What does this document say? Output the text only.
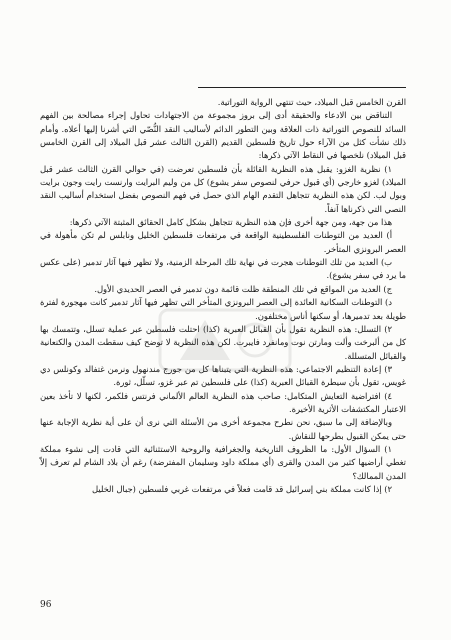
القرن الخامس قبل الميلاد، حيث تنتهي الرواية التوراتية.

التناقض بين الادعاء والحقيقة أدى إلى بروز مجموعة من الاجتهادات تحاول إجراء مصالحة بين الفهم السائد للنصوص التوراتية ذات العلاقة وبين التطور الدائم لأساليب النقد النُّصّي التي أشرنا إليها أعلاه. وأمام ذلك نشأت كثل من الآراء حول تاريخ فلسطين القديم (القرن الثالث عشر قبل الميلاد إلى القرن الخامس قبل الميلاد) نلخصها في النقاط الآتي ذكرها:

١) نظرية الغزو: يقبل هذه النظرية القائلة بأن فلسطين تعرضت (في حوالي القرن الثالث عشر قبل الميلاد) لغزو خارجي (أي قبول حرفي لنصوص سفر يشوع) كل من وليم البرايت وارنست رايت وجون برايت وبول لب. لكن هذه النظرية تتجاهل التقدم الهام الذي حصل في فهم النصوص بفضل استخدام أساليب النقد النصي التي ذكرناها آنفاً.

هذا من جهة، ومن جهة أخرى فإن هذه النظرية تتجاهل بشكل كامل الحقائق المثبتة الآتي ذكرها:

أ) العديد من التوطنات الفلسطينية الواقعة في مرتفعات فلسطين الخليل ونابلس لم تكن مأهولة في العصر البرونزي المتأخر.

ب) العديد من تلك التوطنات هجرت في نهاية تلك المرحلة الزمنية، ولا تظهر فيها آثار تدمير (على عكس ما يرد في سفر يشوع).

ج) العديد من المواقع في تلك المنطقة ظلت قائمة دون تدمير في العصر الحديدي الأول.

د) التوطنات السكانية العائدة إلى العصر البرونزي المتأخر التي تظهر فيها آثار تدمير كانت مهجورة لفترة طويلة بعد تدميرها، أو سكنها أناس مختلفون.

٢) التسلل: هذه النظرية تقول بأن القبائل العبرية (كذا) احتلت فلسطين عبر عملية تسلل، وتتمسك بها كل من ألبرخت وألت ومارتن نوت ومانفرد فايبرت. لكن هذه النظرية لا توضح كيف سقطت المدن والكنعانية والقبائل المتسللة.

٣) إعادة التنظيم الاجتماعي: هذه النظرية التي يتبناها كل من جورج مندنهول ونرمن غتفالد وكونلس دي غويس، تقول بأن سيطرة القبائل العبرية (كذا) على فلسطين تم عبر غزو، تسلّل، ثورة.

٤) افتراضية التعايش المتكامل: صاحب هذه النظرية العالم الألماني فرنتس فلكمر، لكنها لا تأخذ بعين الاعتبار المكتشفات الأثرية الأخيرة.

وبالإضافة إلى ما سبق، نحن نطرح مجموعة أخرى من الأسئلة التي نرى أن على أية نظرية الإجابة عنها حتى يمكن القبول بطرحها للنقاش.

١) السؤال الأول: ما الظروف التاريخية والجغرافية والروحية الاستثنائية التي قادت إلى نشوء مملكة تغطي أراضيها كثير من المدن والقرى (أي مملكة داود وسليمان المفترضة) رغم أن بلاد الشام لم تعرف إلاّ المدن الممالك؟

٢) إذا كانت مملكة بني إسرائيل قد قامت فعلاً في مرتفعات غربي فلسطين (جبال الخليل

96
